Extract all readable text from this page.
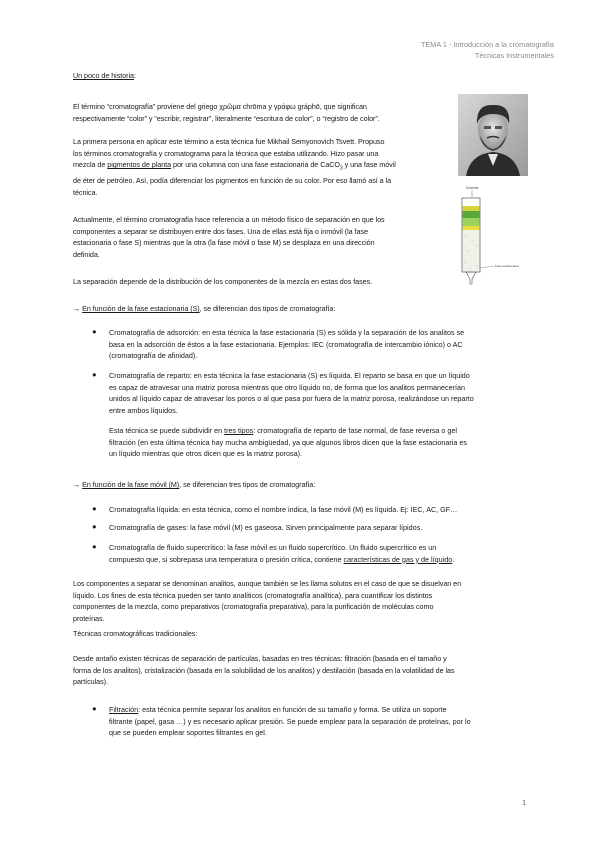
TEMA 1 - Introducción a la cromatografía
Técnicas Instrumentales
Solvente
Fase estacionaria
Un poco de historia:
El término “cromatografía” proviene del griego χρῶμα chrōma y γράφω gráphō, que significan
respectivamente “color” y “escribir, registrar”, literalmente “escritura de color”, o “registro de color”.
La primera persona en aplicar este término a esta técnica fue Mikhail Semyonovich Tsvett. Propuso
los términos cromatografía y cromatograma para la técnica que estaba utilizando. Hizo pasar una
mezcla de pigmentos de planta por una columna con una fase estacionaria de CaCO$_3$ y una fase móvil
de éter de petróleo. Así, podía diferenciar los pigmentos en función de su color. Por eso llamó así a la
técnica.
Actualmente, el término cromatografía hace referencia a un método físico de separación en que los
componentes a separar se distribuyen entre dos fases. Una de ellas está fija o inmóvil (la fase
estacionaria o fase S) mientras que la otra (la fase móvil o fase M) se desplaza en una dirección
definida.
La separación depende de la distribución de los componentes de la mezcla en estas dos fases.
→ En función de la fase estacionaria (S), se diferencian dos tipos de cromatografía:
● Cromatografía de adsorción: en esta técnica la fase estacionaria (S) es sólida y la separación de los analitos se
basa en la adsorción de éstos a la fase estacionaria. Ejemplos: IEC (cromatografía de intercambio iónico) o AC
(cromatografía de afinidad).
● Cromatografía de reparto: en esta técnica la fase estacionaria (S) es líquida. El reparto se basa en que un líquido
es capaz de atravesar una matriz porosa mientras que otro líquido no, de forma que los analitos permanecerían
unidos al líquido capaz de atravesar los poros o al que pasa por fuera de la matriz porosa, realizándose un reparto
entre ambos líquidos.
Esta técnica se puede subdividir en tres tipos: cromatografía de reparto de fase normal, de fase reversa o gel
filtración (en esta última técnica hay mucha ambigüedad, ya que algunos libros dicen que la fase estacionaria es
un líquido mientras que otros dicen que es la matriz porosa).
→ En función de la fase móvil (M), se diferencian tres tipos de cromatografía:
● Cromatografía líquida: en esta técnica, como el nombre indica, la fase móvil (M) es líquida. Ej: IEC, AC, GF…
● Cromatografía de gases: la fase móvil (M) es gaseosa. Sirven principalmente para separar lípidos.
● Cromatografía de fluido supercrítico: la fase móvil es un fluido supercrítico. Un fluido supercrítico es un
compuesto que, si sobrepasa una temperatura o presión crítica, contiene características de gas y de líquido.
Los componentes a separar se denominan analitos, aunque también se les llama solutos en el caso de que se disuelvan en
líquido. Los fines de esta técnica pueden ser tanto analíticos (cromatografía analítica), para cuantificar los distintos
componentes de la mezcla, como preparativos (cromatografía preparativa), para la purificación de moléculas como
proteínas.
Técnicas cromatográficas tradicionales:
Desde antaño existen técnicas de separación de partículas, basadas en tres técnicas: filtración (basada en el tamaño y
forma de los analitos), cristalización (basada en la solubilidad de los analitos) y destilación (basada en la volatilidad de las
partículas).
● Filtración: esta técnica permite separar los analitos en función de su tamaño y forma. Se utiliza un soporte
filtrante (papel, gasa …) y es necesario aplicar presión. Se puede emplear para la separación de proteínas, por lo
que se pueden emplear soportes filtrantes en gel.
1
